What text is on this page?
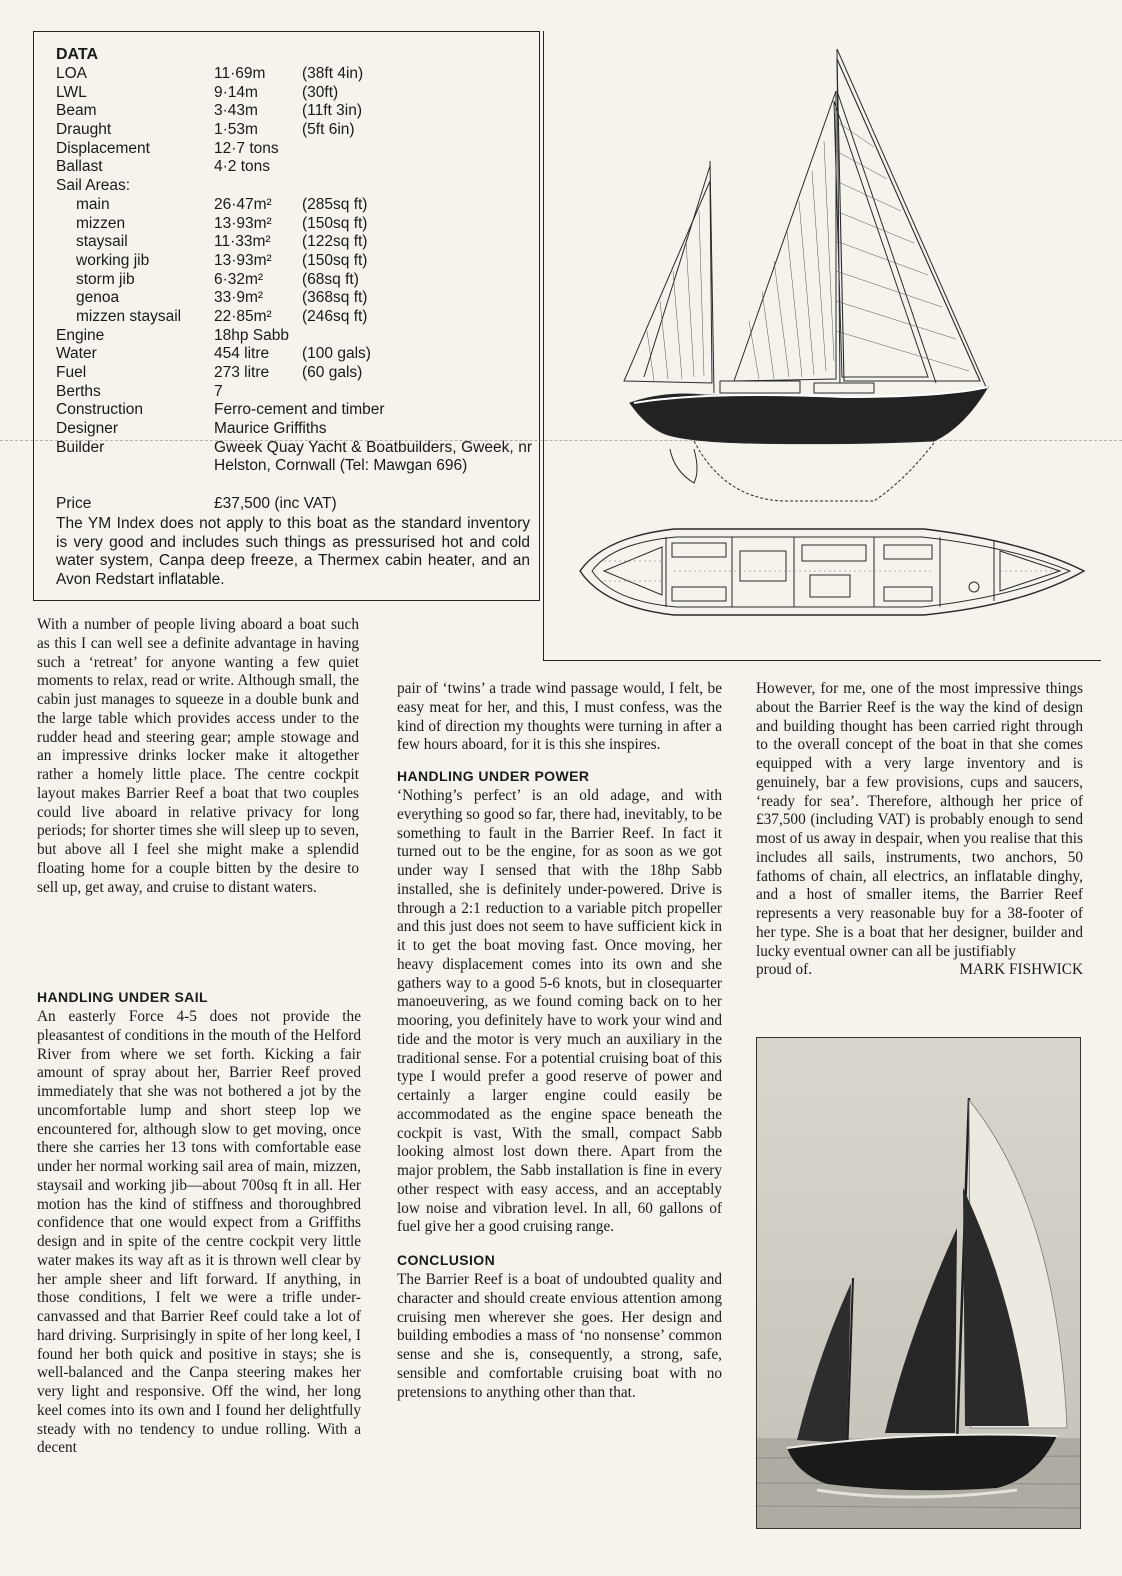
DATA
LOA	11·69m	(38ft 4in)
LWL	9·14m	(30ft)
Beam	3·43m	(11ft 3in)
Draught	1·53m	(5ft 6in)
Displacement	12·7 tons
Ballast	4·2 tons
Sail Areas:
main	26·47m²	(285sq ft)
mizzen	13·93m²	(150sq ft)
staysail	11·33m²	(122sq ft)
working jib	13·93m²	(150sq ft)
storm jib	6·32m²	(68sq ft)
genoa	33·9m²	(368sq ft)
mizzen staysail	22·85m²	(246sq ft)
Engine	18hp Sabb
Water	454 litre	(100 gals)
Fuel	273 litre	(60 gals)
Berths	7
Construction	Ferro-cement and timber
Designer	Maurice Griffiths
Builder	Gweek Quay Yacht & Boatbuilders, Gweek, nr Helston, Cornwall (Tel: Mawgan 696)
Price	£37,500 (inc VAT)
The YM Index does not apply to this boat as the standard inventory is very good and includes such things as pressurised hot and cold water system, Canpa deep freeze, a Thermex cabin heater, and an Avon Redstart inflatable.

With a number of people living aboard a boat such as this I can well see a definite advantage in having such a ‘retreat’ for anyone wanting a few quiet moments to relax, read or write. Although small, the cabin just manages to squeeze in a double bunk and the large table which provides access under to the rudder head and steering gear; ample stowage and an impressive drinks locker make it altogether rather a homely little place. The centre cockpit layout makes Barrier Reef a boat that two couples could live aboard in relative privacy for long periods; for shorter times she will sleep up to seven, but above all I feel she might make a splendid floating home for a couple bitten by the desire to sell up, get away, and cruise to distant waters.

HANDLING UNDER SAIL

An easterly Force 4-5 does not provide the pleasantest of conditions in the mouth of the Helford River from where we set forth. Kicking a fair amount of spray about her, Barrier Reef proved immediately that she was not bothered a jot by the uncomfortable lump and short steep lop we encountered for, although slow to get moving, once there she carries her 13 tons with comfortable ease under her normal working sail area of main, mizzen, staysail and working jib—about 700sq ft in all. Her motion has the kind of stiffness and thoroughbred confidence that one would expect from a Griffiths design and in spite of the centre cockpit very little water makes its way aft as it is thrown well clear by her ample sheer and lift forward. If anything, in those conditions, I felt we were a trifle under-canvassed and that Barrier Reef could take a lot of hard driving. Surprisingly in spite of her long keel, I found her both quick and positive in stays; she is well-balanced and the Canpa steering makes her very light and responsive. Off the wind, her long keel comes into its own and I found her delightfully steady with no tendency to undue rolling. With a decent

pair of ‘twins’ a trade wind passage would, I felt, be easy meat for her, and this, I must confess, was the kind of direction my thoughts were turning in after a few hours aboard, for it is this she inspires.

HANDLING UNDER POWER

‘Nothing’s perfect’ is an old adage, and with everything so good so far, there had, inevitably, to be something to fault in the Barrier Reef. In fact it turned out to be the engine, for as soon as we got under way I sensed that with the 18hp Sabb installed, she is definitely under-powered. Drive is through a 2:1 reduction to a variable pitch propeller and this just does not seem to have sufficient kick in it to get the boat moving fast. Once moving, her heavy displacement comes into its own and she gathers way to a good 5-6 knots, but in closequarter manoeuvering, as we found coming back on to her mooring, you definitely have to work your wind and tide and the motor is very much an auxiliary in the traditional sense. For a potential cruising boat of this type I would prefer a good reserve of power and certainly a larger engine could easily be accommodated as the engine space beneath the cockpit is vast, With the small, compact Sabb looking almost lost down there. Apart from the major problem, the Sabb installation is fine in every other respect with easy access, and an acceptably low noise and vibration level. In all, 60 gallons of fuel give her a good cruising range.

CONCLUSION

The Barrier Reef is a boat of undoubted quality and character and should create envious attention among cruising men wherever she goes. Her design and building embodies a mass of ‘no nonsense’ common sense and she is, consequently, a strong, safe, sensible and comfortable cruising boat with no pretensions to anything other than that.

However, for me, one of the most impressive things about the Barrier Reef is the way the kind of design and building thought has been carried right through to the overall concept of the boat in that she comes equipped with a very large inventory and is genuinely, bar a few provisions, cups and saucers, ‘ready for sea’. Therefore, although her price of £37,500 (including VAT) is probably enough to send most of us away in despair, when you realise that this includes all sails, instruments, two anchors, 50 fathoms of chain, all electrics, an inflatable dinghy, and a host of smaller items, the Barrier Reef represents a very reasonable buy for a 38-footer of her type. She is a boat that her designer, builder and lucky eventual owner can all be justifiably

proud of.	MARK FISHWICK
